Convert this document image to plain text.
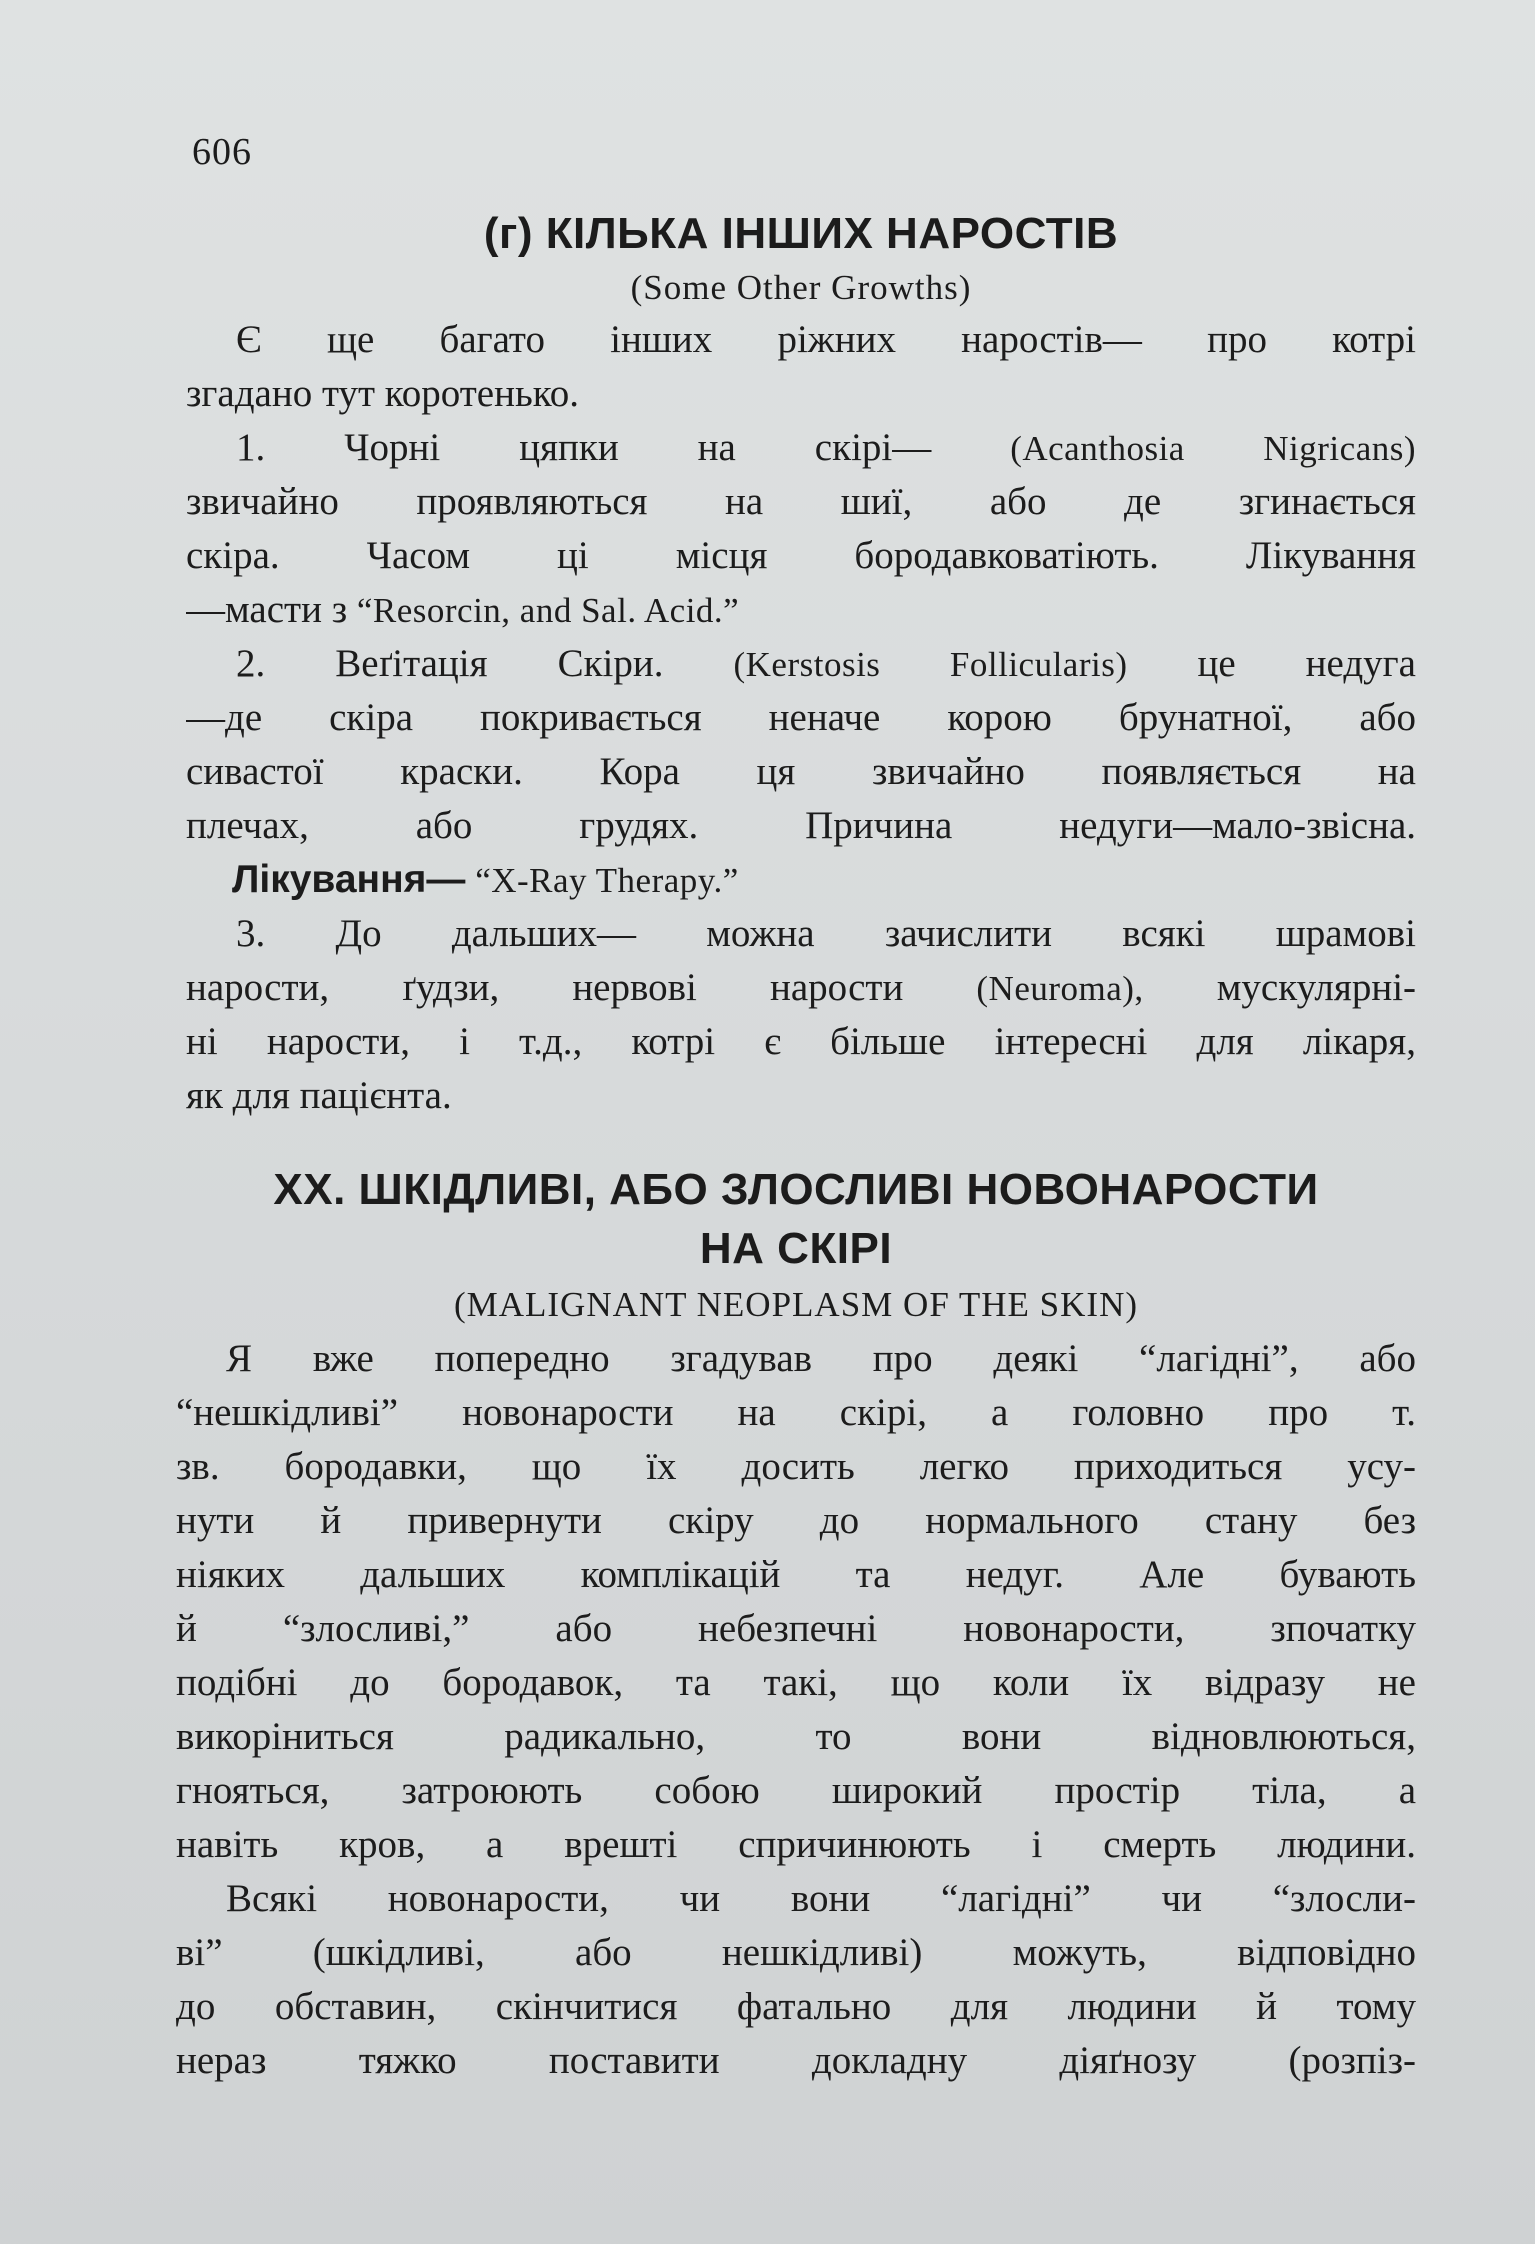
606
(г) КІЛЬКА ІНШИХ НАРОСТІВ
(Some Other Growths)
Є ще багато інших ріжних наростів— про котрі
згадано тут коротенько.
1. Чорні цяпки на скірі— (Acanthosia Nigricans)
звичайно проявляються на шиї, або де згинається
скіра. Часом ці місця бородавковатіють. Лікування
—масти з “Resorcin, and Sal. Acid.”
2. Веґітація Скіри. (Kerstosis Follicularis) це недуга
—де скіра покривається неначе корою брунатної, або
сивастої краски. Кора ця звичайно появляється на
плечах, або грудях. Причина недуги—мало-звісна.
Лікування— “X-Ray Therapy.”
3. До дальших— можна зачислити всякі шрамові
нарости, ґудзи, нервові нарости (Neuroma), мускулярні-
ні нарости, і т.д., котрі є більше інтересні для лікаря,
як для пацієнта.
XX. ШКІДЛИВІ, АБО ЗЛОСЛИВІ НОВОНАРОСТИ
НА СКІРІ
(MALIGNANT NEOPLASM OF THE SKIN)
Я вже попередно згадував про деякі “лагідні”, або
“нешкідливі” новонарости на скірі, а головно про т.
зв. бородавки, що їх досить легко приходиться усу-
нути й привернути скіру до нормального стану без
ніяких дальших комплікацій та недуг. Але бувають
й “злосливі,” або небезпечні новонарости, зпочатку
подібні до бородавок, та такі, що коли їх відразу не
викоріниться радикально, то вони відновлюються,
гнояться, затроюють собою широкий простір тіла, а
навіть кров, а врешті спричинюють і смерть людини.
Всякі новонарости, чи вони “лагідні” чи “злосли-
ві” (шкідливі, або нешкідливі) можуть, відповідно
до обставин, скінчитися фатально для людини й тому
нераз тяжко поставити докладну діяґнозу (розпіз-
